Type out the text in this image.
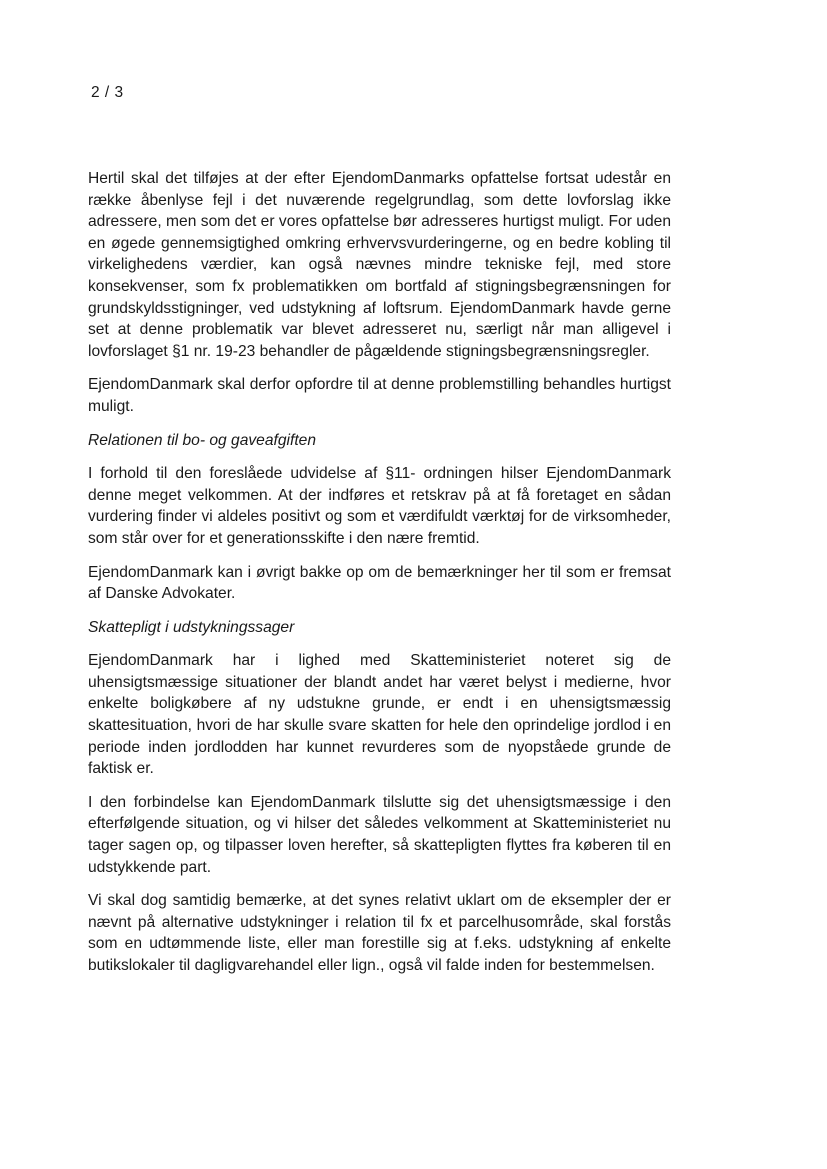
2 / 3

Hertil skal det tilføjes at der efter EjendomDanmarks opfattelse fortsat udestår en række åbenlyse fejl i det nuværende regelgrundlag, som dette lovforslag ikke adressere, men som det er vores opfattelse bør adresseres hurtigst muligt. For uden en øgede gennemsigtighed omkring erhvervsvurderingerne, og en bedre kobling til virkelighedens værdier, kan også nævnes mindre tekniske fejl, med store konsekvenser, som fx problematikken om bortfald af stigningsbegrænsningen for grundskyldsstigninger, ved udstykning af loftsrum. EjendomDanmark havde gerne set at denne problematik var blevet adresseret nu, særligt når man alligevel i lovforslaget §1 nr. 19-23 behandler de pågældende stigningsbegrænsningsregler.

EjendomDanmark skal derfor opfordre til at denne problemstilling behandles hurtigst muligt.

Relationen til bo- og gaveafgiften

I forhold til den foreslåede udvidelse af §11- ordningen hilser EjendomDanmark denne meget velkommen. At der indføres et retskrav på at få foretaget en sådan vurdering finder vi aldeles positivt og som et værdifuldt værktøj for de virksomheder, som står over for et generationsskifte i den nære fremtid.

EjendomDanmark kan i øvrigt bakke op om de bemærkninger her til som er fremsat af Danske Advokater.

Skattepligt i udstykningssager

EjendomDanmark har i lighed med Skatteministeriet noteret sig de uhensigtsmæssige situationer der blandt andet har været belyst i medierne, hvor enkelte boligkøbere af ny udstukne grunde, er endt i en uhensigtsmæssig skattesituation, hvori de har skulle svare skatten for hele den oprindelige jordlod i en periode inden jordlodden har kunnet revurderes som de nyopståede grunde de faktisk er.

I den forbindelse kan EjendomDanmark tilslutte sig det uhensigtsmæssige i den efterfølgende situation, og vi hilser det således velkomment at Skatteministeriet nu tager sagen op, og tilpasser loven herefter, så skattepligten flyttes fra køberen til en udstykkende part.

Vi skal dog samtidig bemærke, at det synes relativt uklart om de eksempler der er nævnt på alternative udstykninger i relation til fx et parcelhusområde, skal forstås som en udtømmende liste, eller man forestille sig at f.eks. udstykning af enkelte butikslokaler til dagligvarehandel eller lign., også vil falde inden for bestemmelsen.
